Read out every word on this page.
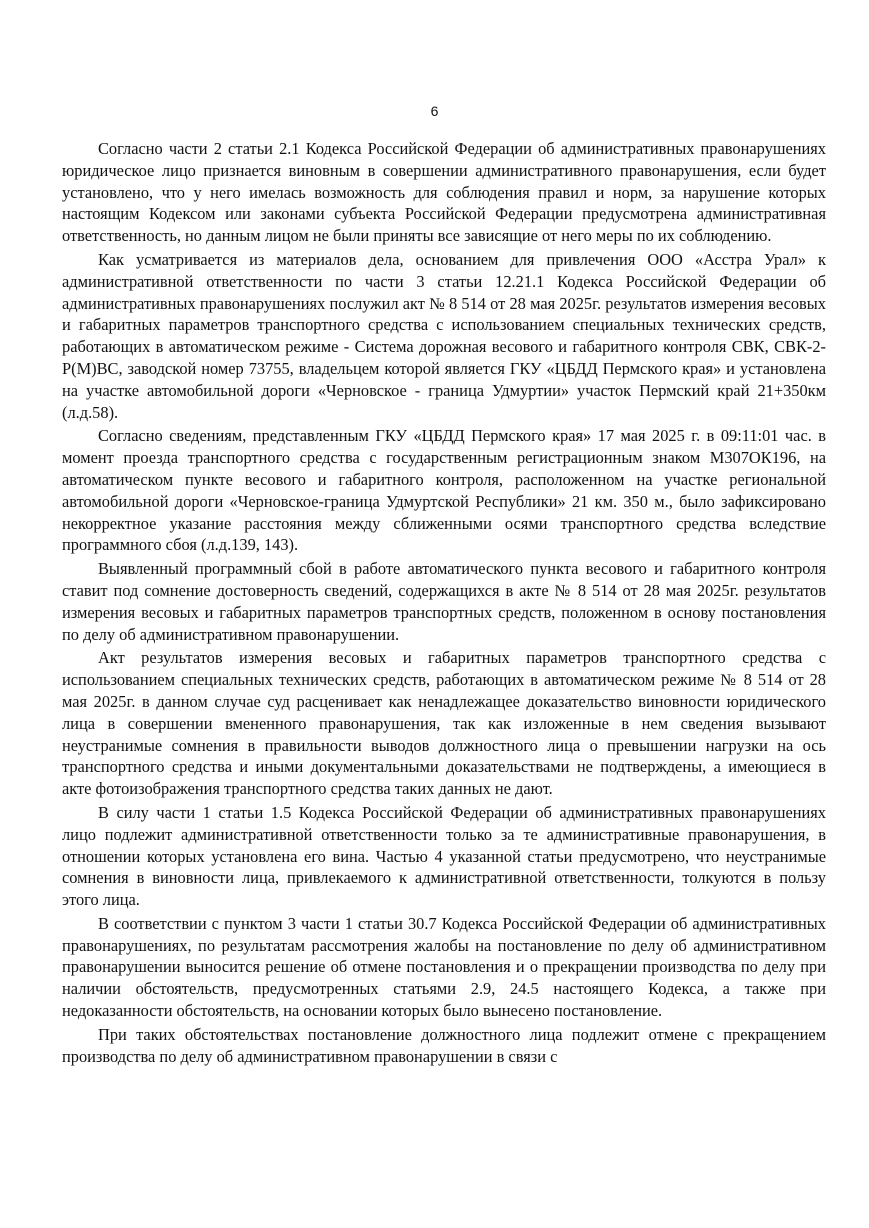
6

Согласно части 2 статьи 2.1 Кодекса Российской Федерации об административных правонарушениях юридическое лицо признается виновным в совершении административного правонарушения, если будет установлено, что у него имелась возможность для соблюдения правил и норм, за нарушение которых настоящим Кодексом или законами субъекта Российской Федерации предусмотрена административная ответственность, но данным лицом не были приняты все зависящие от него меры по их соблюдению.

Как усматривается из материалов дела, основанием для привлечения ООО «Асстра Урал» к административной ответственности по части 3 статьи 12.21.1 Кодекса Российской Федерации об административных правонарушениях послужил акт № 8 514 от 28 мая 2025г. результатов измерения весовых и габаритных параметров транспортного средства с использованием специальных технических средств, работающих в автоматическом режиме - Система дорожная весового и габаритного контроля СВК, СВК-2-Р(М)ВС, заводской номер 73755, владельцем которой является ГКУ «ЦБДД Пермского края» и установлена на участке автомобильной дороги «Черновское - граница Удмуртии» участок Пермский край 21+350км (л.д.58).

Согласно сведениям, представленным ГКУ «ЦБДД Пермского края» 17 мая 2025 г. в 09:11:01 час. в момент проезда транспортного средства с государственным регистрационным знаком М307ОК196, на автоматическом пункте весового и габаритного контроля, расположенном на участке региональной автомобильной дороги «Черновское-граница Удмуртской Республики» 21 км. 350 м., было зафиксировано некорректное указание расстояния между сближенными осями транспортного средства вследствие программного сбоя (л.д.139, 143).

Выявленный программный сбой в работе автоматического пункта весового и габаритного контроля ставит под сомнение достоверность сведений, содержащихся в акте № 8 514 от 28 мая 2025г. результатов измерения весовых и габаритных параметров транспортных средств, положенном в основу постановления по делу об административном правонарушении.

Акт результатов измерения весовых и габаритных параметров транспортного средства с использованием специальных технических средств, работающих в автоматическом режиме № 8 514 от 28 мая 2025г. в данном случае суд расценивает как ненадлежащее доказательство виновности юридического лица в совершении вмененного правонарушения, так как изложенные в нем сведения вызывают неустранимые сомнения в правильности выводов должностного лица о превышении нагрузки на ось транспортного средства и иными документальными доказательствами не подтверждены, а имеющиеся в акте фотоизображения транспортного средства таких данных не дают.

В силу части 1 статьи 1.5 Кодекса Российской Федерации об административных правонарушениях лицо подлежит административной ответственности только за те административные правонарушения, в отношении которых установлена его вина. Частью 4 указанной статьи предусмотрено, что неустранимые сомнения в виновности лица, привлекаемого к административной ответственности, толкуются в пользу этого лица.

В соответствии с пунктом 3 части 1 статьи 30.7 Кодекса Российской Федерации об административных правонарушениях, по результатам рассмотрения жалобы на постановление по делу об административном правонарушении выносится решение об отмене постановления и о прекращении производства по делу при наличии обстоятельств, предусмотренных статьями 2.9, 24.5 настоящего Кодекса, а также при недоказанности обстоятельств, на основании которых было вынесено постановление.

При таких обстоятельствах постановление должностного лица подлежит отмене с прекращением производства по делу об административном правонарушении в связи с
